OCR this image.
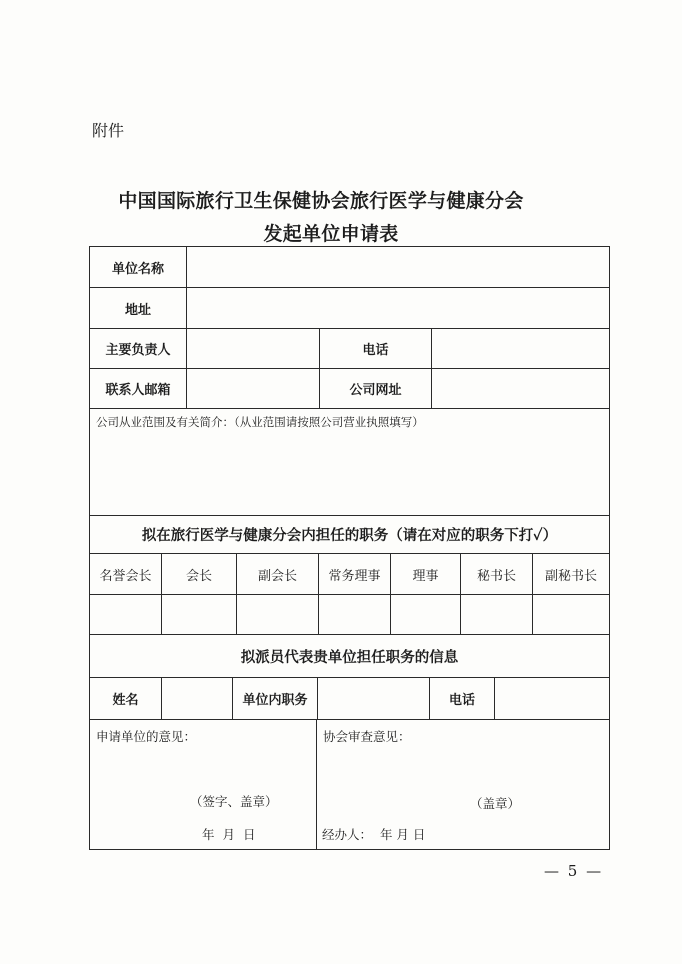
附件
中国国际旅行卫生保健协会旅行医学与健康分会
发起单位申请表
单位名称
地址
主要负责人	电话
联系人邮箱	公司网址
公司从业范围及有关简介：（从业范围请按照公司营业执照填写）
拟在旅行医学与健康分会内担任的职务（请在对应的职务下打✓）
名誉会长	会长	副会长	常务理事	理事	秘书长	副秘书长
拟派员代表贵单位担任职务的信息
姓名	单位内职务	电话
申请单位的意见：
（签字、盖章）
年 月 日
协会审查意见：
（盖章）
经办人：  年 月 日
— 5 —
